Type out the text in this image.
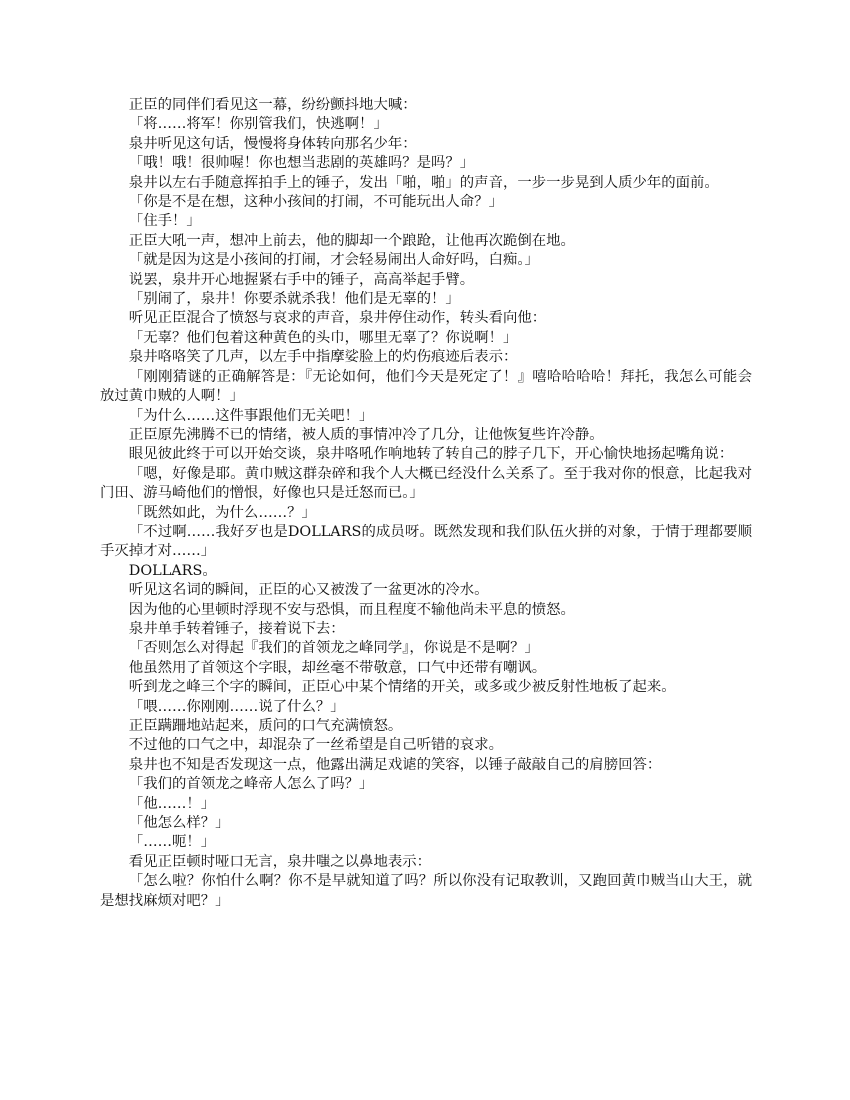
正臣的同伴们看见这一幕，纷纷颤抖地大喊：

「将……将军！你别管我们，快逃啊！」

泉井听见这句话，慢慢将身体转向那名少年：

「哦！哦！很帅喔！你也想当悲剧的英雄吗？是吗？」

泉井以左右手随意挥拍手上的锤子，发出「啪，啪」的声音，一步一步晃到人质少年的面前。

「你是不是在想，这种小孩间的打闹，不可能玩出人命？」

「住手！」

正臣大吼一声，想冲上前去，他的脚却一个踉跄，让他再次跪倒在地。

「就是因为这是小孩间的打闹，才会轻易闹出人命好吗，白痴。」

说罢，泉井开心地握紧右手中的锤子，高高举起手臂。

「别闹了，泉井！你要杀就杀我！他们是无辜的！」

听见正臣混合了愤怒与哀求的声音，泉井停住动作，转头看向他：

「无辜？他们包着这种黄色的头巾，哪里无辜了？你说啊！」

泉井咯咯笑了几声，以左手中指摩娑脸上的灼伤痕迹后表示：

「刚刚猜谜的正确解答是：『无论如何，他们今天是死定了！』嘻哈哈哈哈！拜托，我怎么可能会放过黄巾贼的人啊！」

「为什么……这件事跟他们无关吧！」

正臣原先沸腾不已的情绪，被人质的事情冲冷了几分，让他恢复些许冷静。

眼见彼此终于可以开始交谈，泉井咯吼作响地转了转自己的脖子几下，开心愉快地扬起嘴角说：

「嗯，好像是耶。黄巾贼这群杂碎和我个人大概已经没什么关系了。至于我对你的恨意，比起我对门田、游马崎他们的憎恨，好像也只是迁怒而已。」

「既然如此，为什么……？」

「不过啊……我好歹也是DOLLARS的成员呀。既然发现和我们队伍火拼的对象，于情于理都要顺手灭掉才对……」

DOLLARS。

听见这名词的瞬间，正臣的心又被泼了一盆更冰的冷水。

因为他的心里顿时浮现不安与恐惧，而且程度不输他尚未平息的愤怒。

泉井单手转着锤子，接着说下去：

「否则怎么对得起『我们的首领龙之峰同学』，你说是不是啊？」

他虽然用了首领这个字眼，却丝毫不带敬意，口气中还带有嘲讽。

听到龙之峰三个字的瞬间，正臣心中某个情绪的开关，或多或少被反射性地板了起来。

「喂……你刚刚……说了什么？」

正臣蹒跚地站起来，质问的口气充满愤怒。

不过他的口气之中，却混杂了一丝希望是自己听错的哀求。

泉井也不知是否发现这一点，他露出满足戏谑的笑容，以锤子敲敲自己的肩膀回答：

「我们的首领龙之峰帝人怎么了吗？」

「他……！」

「他怎么样？」

「……呃！」

看见正臣顿时哑口无言，泉井嗤之以鼻地表示：

「怎么啦？你怕什么啊？你不是早就知道了吗？所以你没有记取教训，又跑回黄巾贼当山大王，就是想找麻烦对吧？」
